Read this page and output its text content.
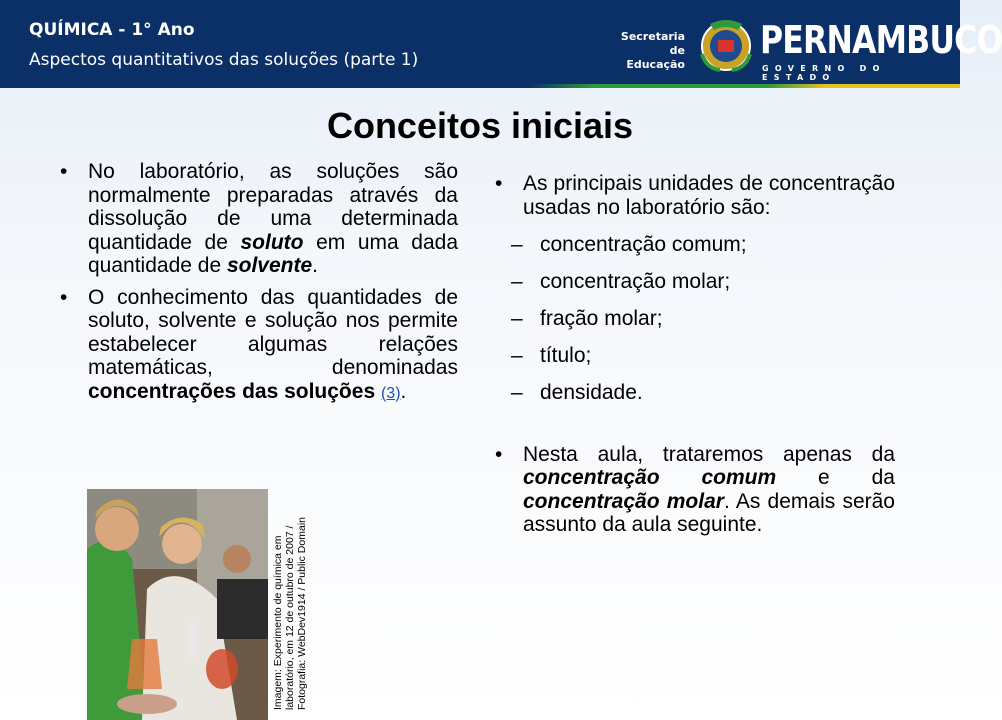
QUÍMICA - 1° Ano
Aspectos quantitativos das soluções (parte 1)
Secretaria de
Educação
PERNAMBUCO
GOVERNO DO ESTADO
Conceitos iniciais
• No laboratório, as soluções são normalmente preparadas através da dissolução de uma determinada quantidade de soluto em uma dada quantidade de solvente.
• O conhecimento das quantidades de soluto, solvente e solução nos permite estabelecer algumas relações matemáticas, denominadas concentrações das soluções (3).
• As principais unidades de concentração usadas no laboratório são:
– concentração comum;
– concentração molar;
– fração molar;
– título;
– densidade.
• Nesta aula, trataremos apenas da concentração comum e da concentração molar. As demais serão assunto da aula seguinte.
Imagem: Experimento de química em laboratório, em 12 de outubro de 2007 / Fotografia: WebDev1914 / Public Domain
